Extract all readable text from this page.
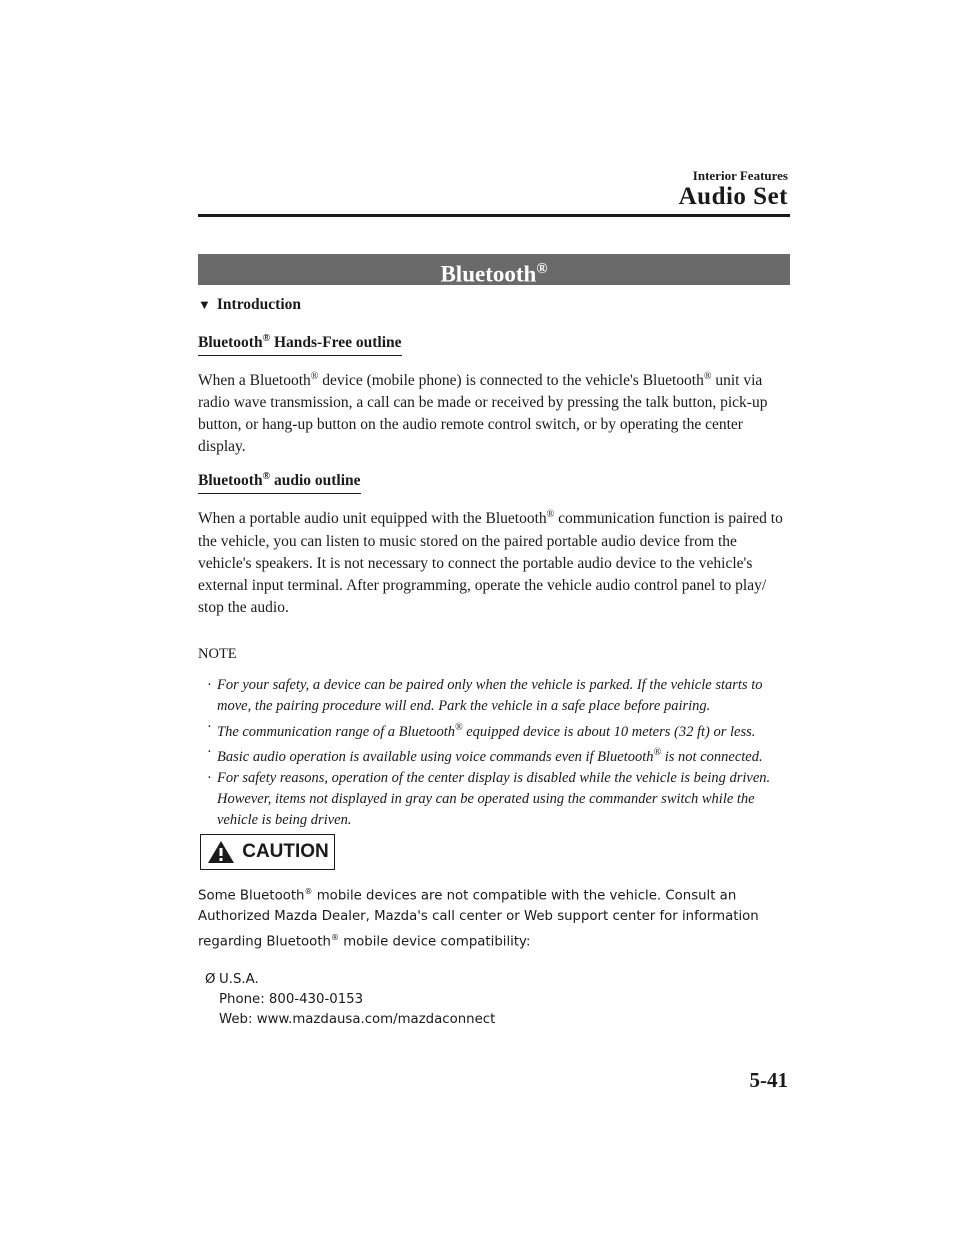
Interior Features
Audio Set
Bluetooth®
▼ Introduction
Bluetooth® Hands-Free outline

When a Bluetooth® device (mobile phone) is connected to the vehicle's Bluetooth® unit via radio wave transmission, a call can be made or received by pressing the talk button, pick-up button, or hang-up button on the audio remote control switch, or by operating the center display.

Bluetooth® audio outline

When a portable audio unit equipped with the Bluetooth® communication function is paired to the vehicle, you can listen to music stored on the paired portable audio device from the vehicle's speakers. It is not necessary to connect the portable audio device to the vehicle's external input terminal. After programming, operate the vehicle audio control panel to play/ stop the audio.

NOTE
· For your safety, a device can be paired only when the vehicle is parked. If the vehicle starts to move, the pairing procedure will end. Park the vehicle in a safe place before pairing.
· The communication range of a Bluetooth® equipped device is about 10 meters (32 ft) or less.
· Basic audio operation is available using voice commands even if Bluetooth® is not connected.
· For safety reasons, operation of the center display is disabled while the vehicle is being driven. However, items not displayed in gray can be operated using the commander switch while the vehicle is being driven.
CAUTION
Some Bluetooth® mobile devices are not compatible with the vehicle. Consult an Authorized Mazda Dealer, Mazda's call center or Web support center for information regarding Bluetooth® mobile device compatibility:
Ø U.S.A.
Phone: 800-430-0153
Web: www.mazdausa.com/mazdaconnect
5-41
